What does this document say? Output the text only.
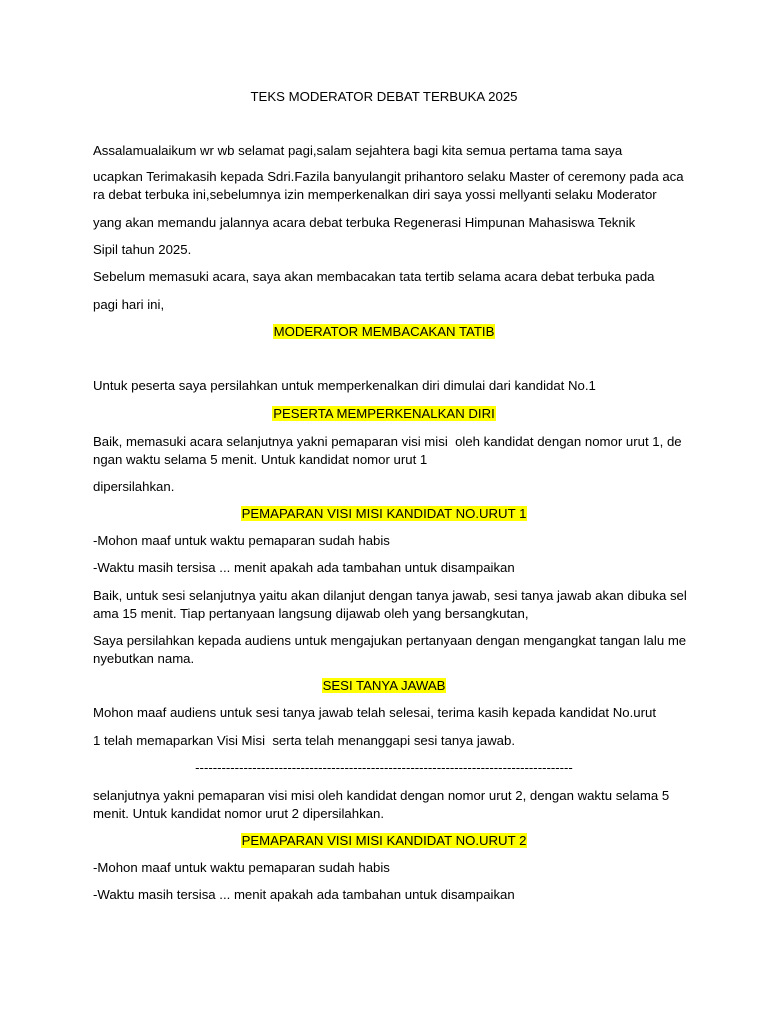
TEKS MODERATOR DEBAT TERBUKA 2025
Assalamualaikum wr wb selamat pagi,salam sejahtera bagi kita semua pertama tama saya
ucapkan Terimakasih kepada Sdri.Fazila banyulangit prihantoro selaku Master of ceremony pada aca
ra debat terbuka ini,sebelumnya izin memperkenalkan diri saya yossi mellyanti selaku Moderator
yang akan memandu jalannya acara debat terbuka Regenerasi Himpunan Mahasiswa Teknik
Sipil tahun 2025.
Sebelum memasuki acara, saya akan membacakan tata tertib selama acara debat terbuka pada
pagi hari ini,
MODERATOR MEMBACAKAN TATIB
Untuk peserta saya persilahkan untuk memperkenalkan diri dimulai dari kandidat No.1
PESERTA MEMPERKENALKAN DIRI
Baik, memasuki acara selanjutnya yakni pemaparan visi misi  oleh kandidat dengan nomor urut 1, de
ngan waktu selama 5 menit. Untuk kandidat nomor urut 1
dipersilahkan.
PEMAPARAN VISI MISI KANDIDAT NO.URUT 1
-Mohon maaf untuk waktu pemaparan sudah habis
-Waktu masih tersisa ... menit apakah ada tambahan untuk disampaikan
Baik, untuk sesi selanjutnya yaitu akan dilanjut dengan tanya jawab, sesi tanya jawab akan dibuka sel
ama 15 menit. Tiap pertanyaan langsung dijawab oleh yang bersangkutan,
Saya persilahkan kepada audiens untuk mengajukan pertanyaan dengan mengangkat tangan lalu me
nyebutkan nama.
SESI TANYA JAWAB
Mohon maaf audiens untuk sesi tanya jawab telah selesai, terima kasih kepada kandidat No.urut
1 telah memaparkan Visi Misi  serta telah menanggapi sesi tanya jawab.
--------------------------------------------------------------------------------------
selanjutnya yakni pemaparan visi misi oleh kandidat dengan nomor urut 2, dengan waktu selama 5
menit. Untuk kandidat nomor urut 2 dipersilahkan.
PEMAPARAN VISI MISI KANDIDAT NO.URUT 2
-Mohon maaf untuk waktu pemaparan sudah habis
-Waktu masih tersisa ... menit apakah ada tambahan untuk disampaikan
